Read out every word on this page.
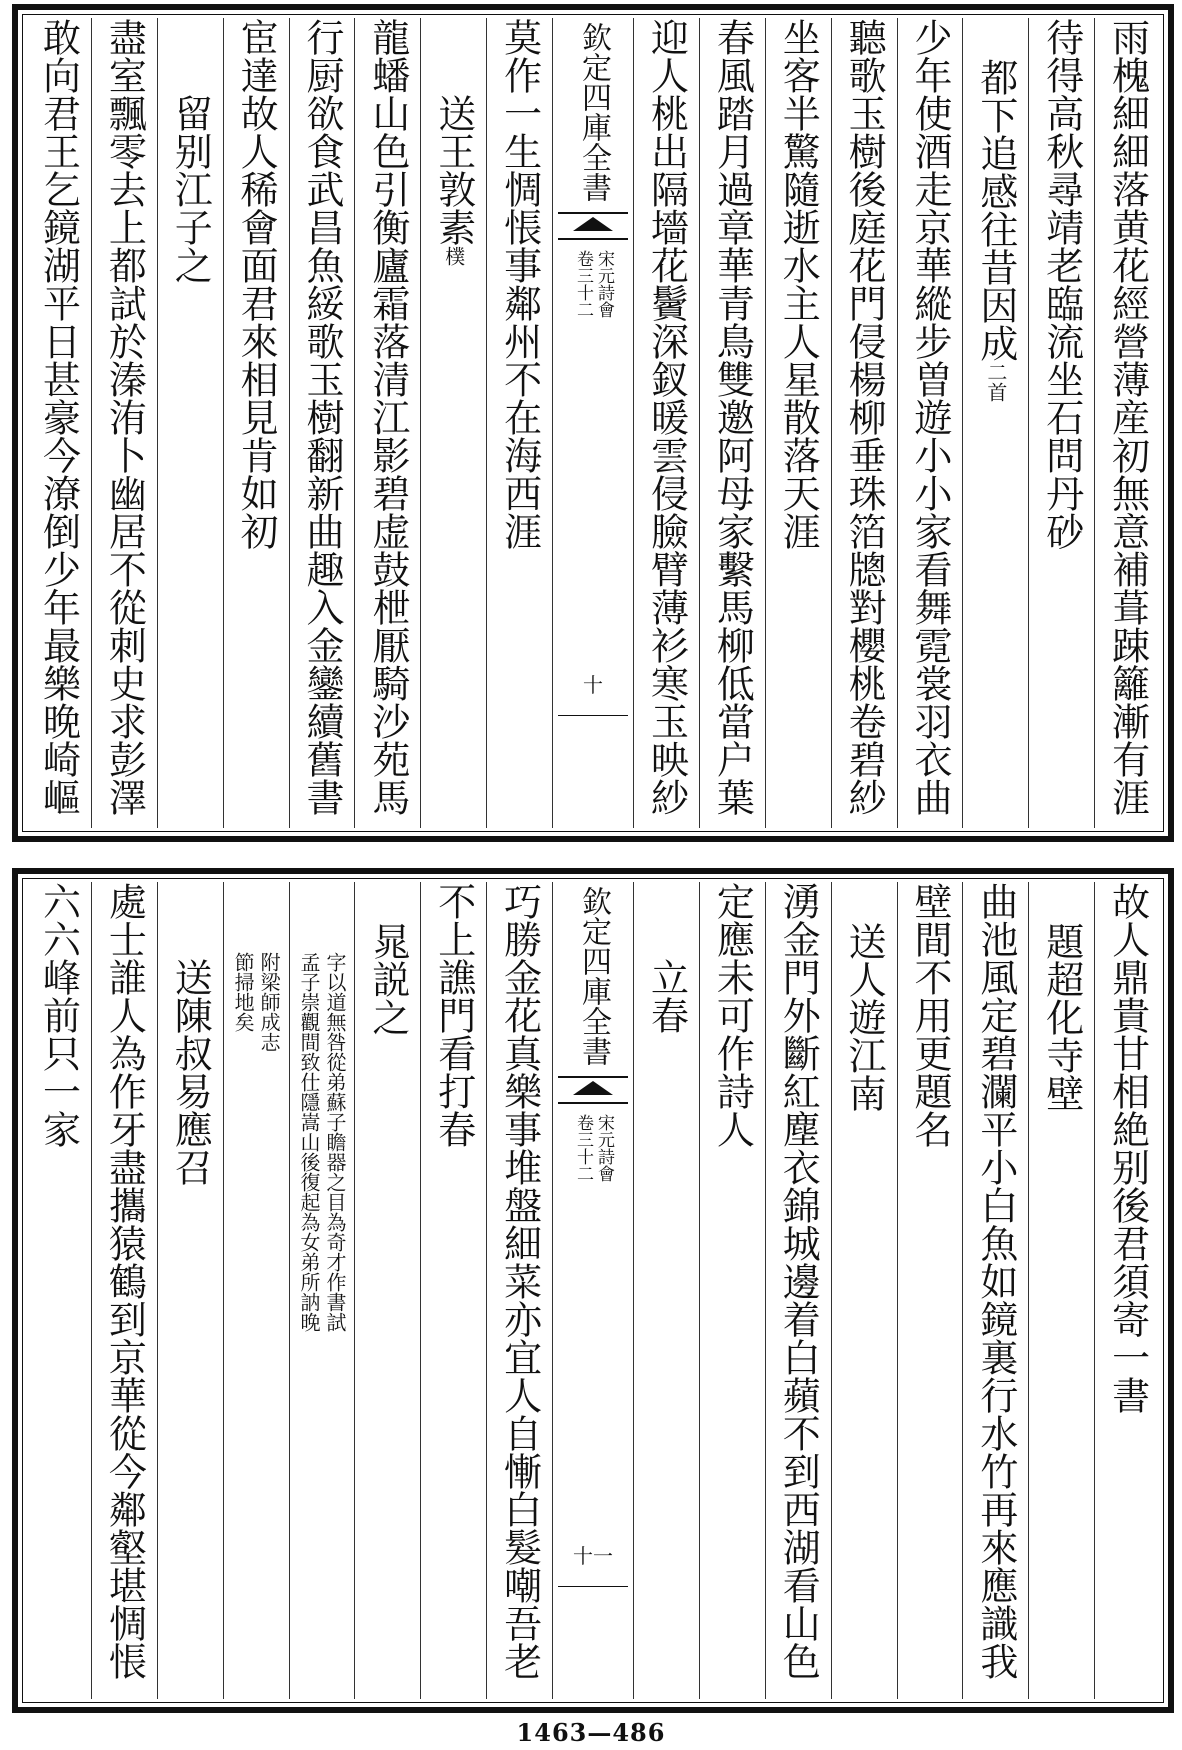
雨槐細細落黄花經營薄産初無意補葺踈籬漸有涯
待得高秋尋靖老臨流坐石問丹砂
都下追感往昔因成二首
少年使酒走京華縱步曽遊小小家看舞霓裳羽衣曲
聽歌玉樹後庭花門侵楊柳垂珠箔牕對櫻桃卷碧紗
坐客半驚隨逝水主人星散落天涯
春風踏月過章華青鳥雙邀阿母家繫馬柳低當户葉
迎人桃出隔墻花鬢深釵暖雲侵臉臂薄衫寒玉映紗
欽定四庫全書
宋元詩會
卷三十二
十
莫作一生惆悵事鄰州不在海西涯
送王敦素樸
龍蟠山色引衡廬霜落清江影碧虚鼓枻厭騎沙苑馬
行厨欲食武昌魚綏歌玉樹翻新曲趣入金鑾續舊書
宦達故人稀會面君來相見肯如初
留别江子之
盡室飄零去上都試於溱洧卜幽居不從刺史求彭澤
敢向君王乞鏡湖平日甚豪今潦倒少年最樂晚崎嶇
故人鼎貴甘相絶别後君須寄一書
題超化寺壁
曲池風定碧瀾平小白魚如鏡裏行水竹再來應識我
壁間不用更題名
送人遊江南
湧金門外斷紅塵衣錦城邊着白蘋不到西湖看山色
定應未可作詩人
立春
欽定四庫全書
宋元詩會
卷三十二
十一
巧勝金花真樂事堆盤細菜亦宜人自慚白髮嘲吾老
不上譙門看打春
晁説之
字以道無咎從弟蘇子瞻器之目為奇才作書試
孟子崇觀間致仕隱嵩山後復起為女弟所訥晚
附梁師成志
節掃地矣
送陳叔易應召
處士誰人為作牙盡攜猿鶴到京華從今鄰壑堪惆悵
六六峰前只一家
1463—486
